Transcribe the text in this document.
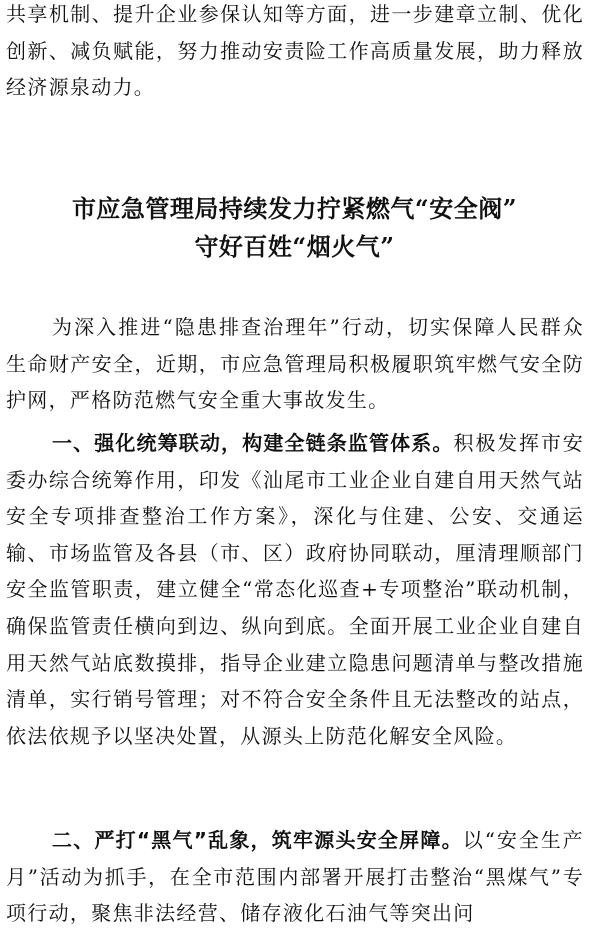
共享机制、提升企业参保认知等方面，进一步建章立制、优化创新、减负赋能，努力推动安责险工作高质量发展，助力释放经济源泉动力。

市应急管理局持续发力拧紧燃气“安全阀”
守好百姓“烟火气”

为深入推进“隐患排查治理年”行动，切实保障人民群众生命财产安全，近期，市应急管理局积极履职筑牢燃气安全防护网，严格防范燃气安全重大事故发生。

一、强化统筹联动，构建全链条监管体系。积极发挥市安委办综合统筹作用，印发《汕尾市工业企业自建自用天然气站安全专项排查整治工作方案》，深化与住建、公安、交通运输、市场监管及各县（市、区）政府协同联动，厘清理顺部门安全监管职责，建立健全“常态化巡查+专项整治”联动机制，确保监管责任横向到边、纵向到底。全面开展工业企业自建自用天然气站底数摸排，指导企业建立隐患问题清单与整改措施清单，实行销号管理；对不符合安全条件且无法整改的站点，依法依规予以坚决处置，从源头上防范化解安全风险。

二、严打“黑气”乱象，筑牢源头安全屏障。以“安全生产月”活动为抓手，在全市范围内部署开展打击整治“黑煤气”专项行动，聚焦非法经营、储存液化石油气等突出问
